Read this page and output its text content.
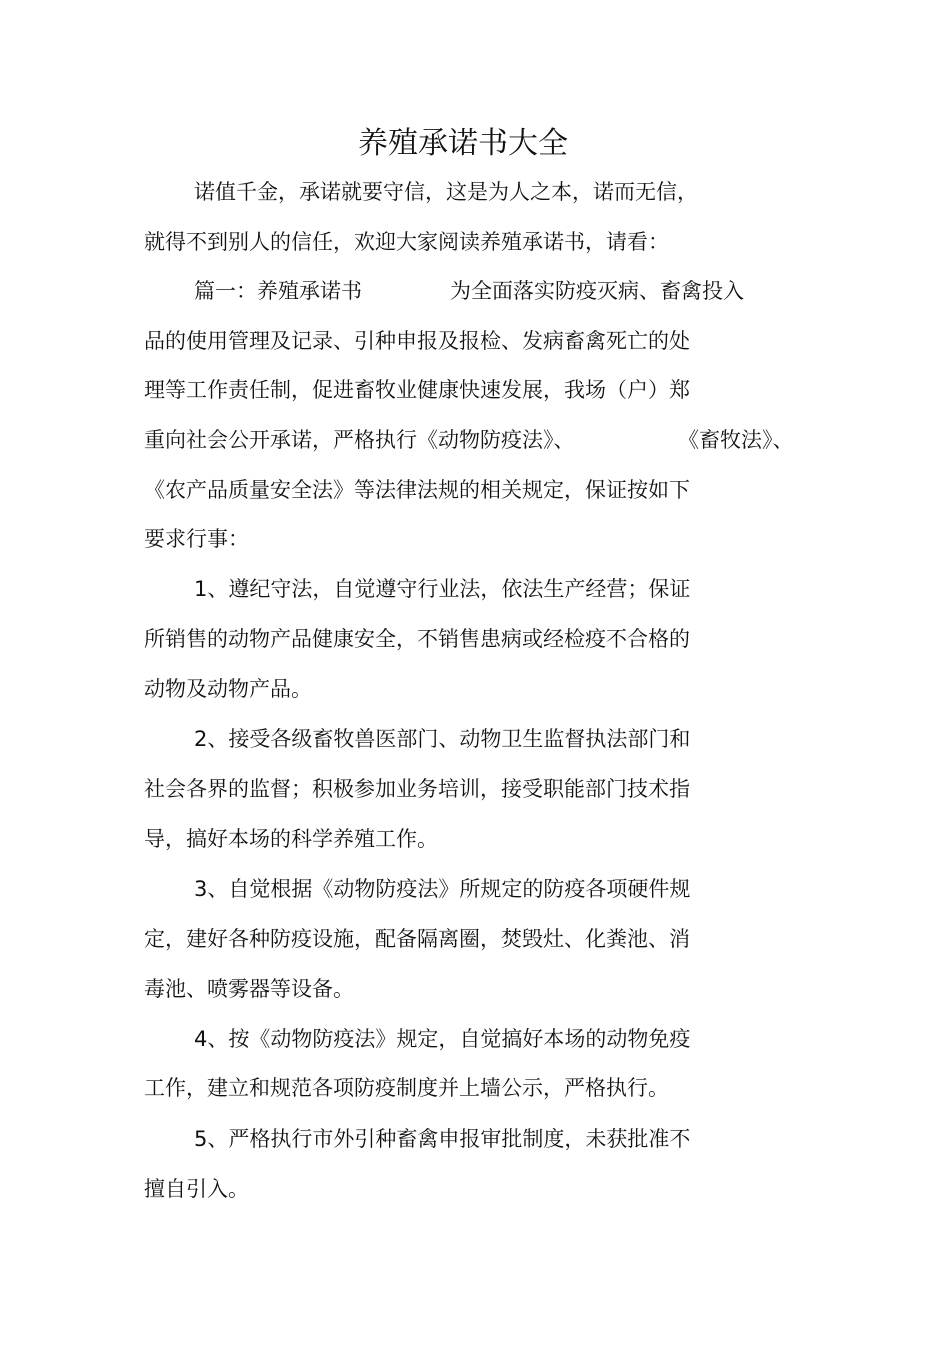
养殖承诺书大全
诺值千金，承诺就要守信，这是为人之本，诺而无信，
就得不到别人的信任，欢迎大家阅读养殖承诺书，请看：
篇一：养殖承诺书	为全面落实防疫灭病、畜禽投入
品的使用管理及记录、引种申报及报检、发病畜禽死亡的处
理等工作责任制，促进畜牧业健康快速发展，我场（户）郑
重向社会公开承诺，严格执行《动物防疫法》、	《畜牧法》、
《农产品质量安全法》等法律法规的相关规定，保证按如下
要求行事：
1、遵纪守法，自觉遵守行业法，依法生产经营；保证
所销售的动物产品健康安全，不销售患病或经检疫不合格的
动物及动物产品。
2、接受各级畜牧兽医部门、动物卫生监督执法部门和
社会各界的监督；积极参加业务培训，接受职能部门技术指
导，搞好本场的科学养殖工作。
3、自觉根据《动物防疫法》所规定的防疫各项硬件规
定，建好各种防疫设施，配备隔离圈，焚毁灶、化粪池、消
毒池、喷雾器等设备。
4、按《动物防疫法》规定，自觉搞好本场的动物免疫
工作，建立和规范各项防疫制度并上墙公示，严格执行。
5、严格执行市外引种畜禽申报审批制度，未获批准不
擅自引入。
